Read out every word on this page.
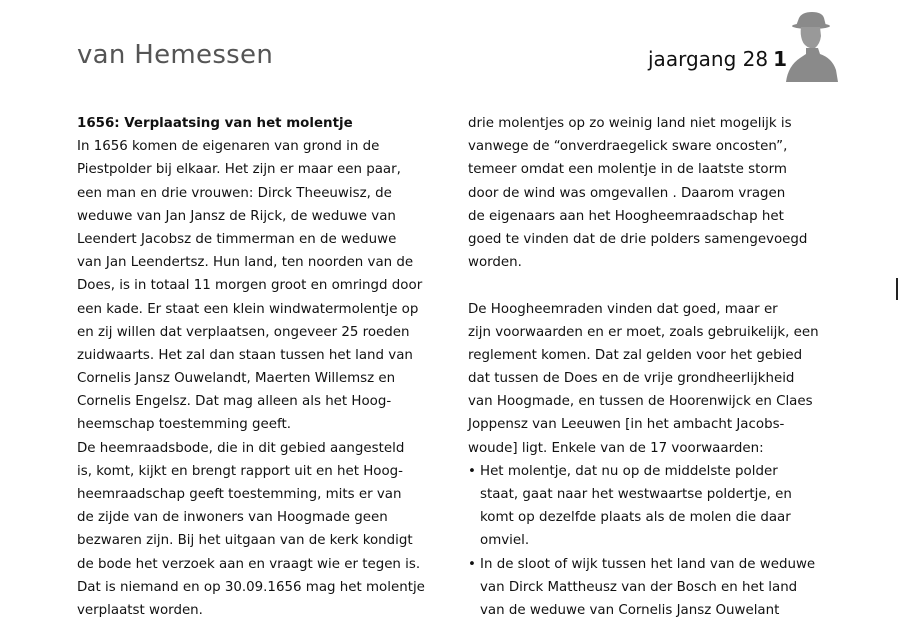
van Hemessen	jaargang 28 1
1656: Verplaatsing van het molentje
In 1656 komen de eigenaren van grond in de
Piestpolder bij elkaar. Het zijn er maar een paar,
een man en drie vrouwen: Dirck Theeuwisz, de
weduwe van Jan Jansz de Rijck, de weduwe van
Leendert Jacobsz de timmerman en de weduwe
van Jan Leendertsz. Hun land, ten noorden van de
Does, is in totaal 11 morgen groot en omringd door
een kade. Er staat een klein windwatermolentje op
en zij willen dat verplaatsen, ongeveer 25 roeden
zuidwaarts. Het zal dan staan tussen het land van
Cornelis Jansz Ouwelandt, Maerten Willemsz en
Cornelis Engelsz. Dat mag alleen als het Hoog-
heemschap toestemming geeft.
De heemraadsbode, die in dit gebied aangesteld
is, komt, kijkt en brengt rapport uit en het Hoog-
heemraadschap geeft toestemming, mits er van
de zijde van de inwoners van Hoogmade geen
bezwaren zijn. Bij het uitgaan van de kerk kondigt
de bode het verzoek aan en vraagt wie er tegen is.
Dat is niemand en op 30.09.1656 mag het molentje
verplaatst worden.
drie molentjes op zo weinig land niet mogelijk is
vanwege de “onverdraegelick sware oncosten”,
temeer omdat een molentje in de laatste storm
door de wind was omgevallen . Daarom vragen
de eigenaars aan het Hoogheemraadschap het
goed te vinden dat de drie polders samengevoegd
worden.
De Hoogheemraden vinden dat goed, maar er
zijn voorwaarden en er moet, zoals gebruikelijk, een
reglement komen. Dat zal gelden voor het gebied
dat tussen de Does en de vrije grondheerlijkheid
van Hoogmade, en tussen de Hoorenwijck en Claes
Joppensz van Leeuwen [in het ambacht Jacobs-
woude] ligt. Enkele van de 17 voorwaarden:
• Het molentje, dat nu op de middelste polder
staat, gaat naar het westwaartse poldertje, en
komt op dezelfde plaats als de molen die daar
omviel.
• In de sloot of wijk tussen het land van de weduwe
van Dirck Mattheusz van der Bosch en het land
van de weduwe van Cornelis Jansz Ouwelant
